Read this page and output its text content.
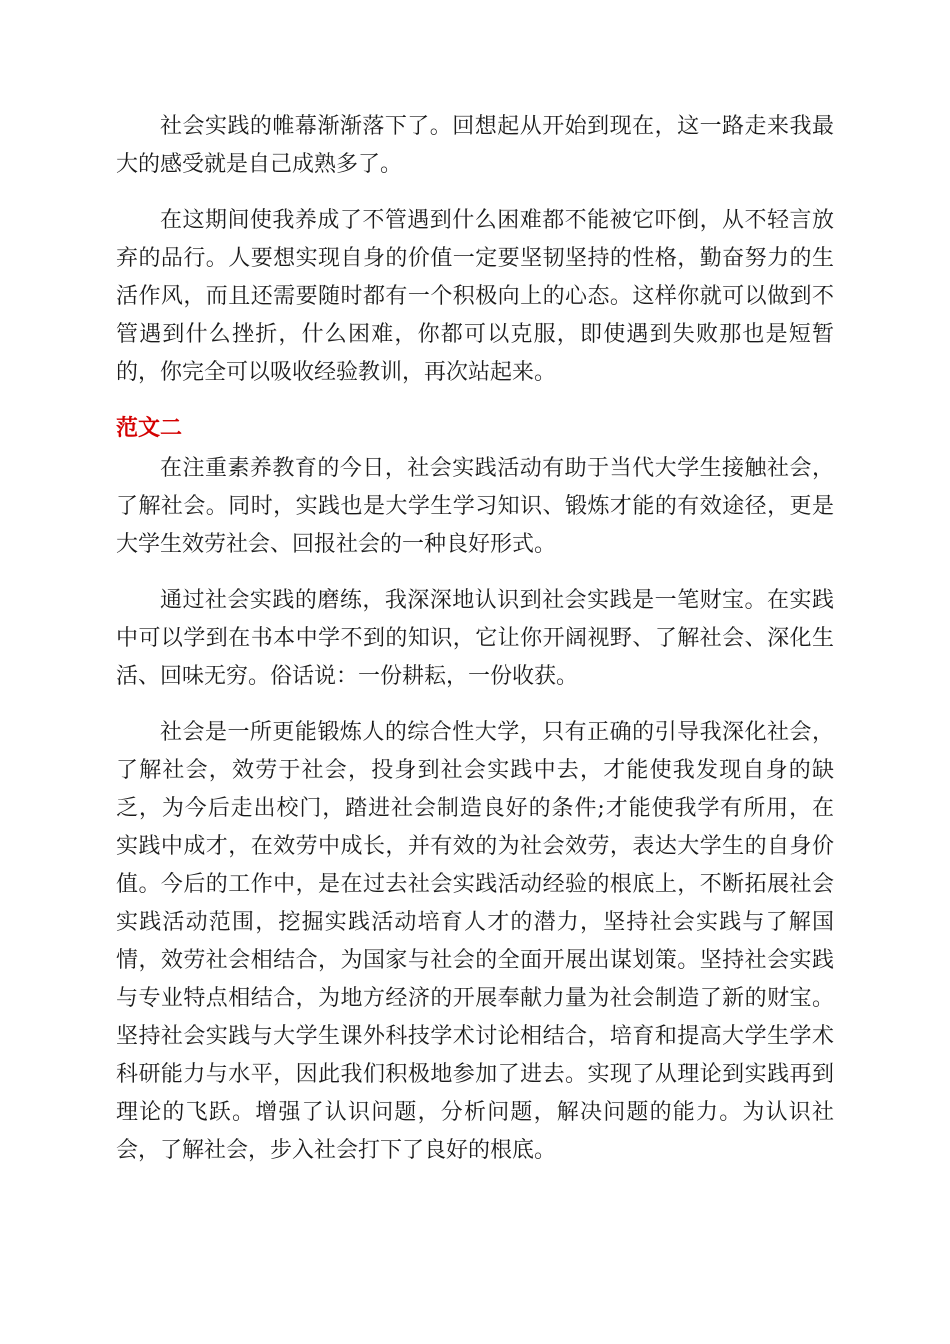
社会实践的帷幕渐渐落下了。回想起从开始到现在，这一路走来我最
大的感受就是自己成熟多了。
在这期间使我养成了不管遇到什么困难都不能被它吓倒，从不轻言放
弃的品行。人要想实现自身的价值一定要坚韧坚持的性格，勤奋努力的生
活作风，而且还需要随时都有一个积极向上的心态。这样你就可以做到不
管遇到什么挫折，什么困难，你都可以克服，即使遇到失败那也是短暂
的，你完全可以吸收经验教训，再次站起来。
范文二
在注重素养教育的今日，社会实践活动有助于当代大学生接触社会，
了解社会。同时，实践也是大学生学习知识、锻炼才能的有效途径，更是
大学生效劳社会、回报社会的一种良好形式。
通过社会实践的磨练，我深深地认识到社会实践是一笔财宝。在实践
中可以学到在书本中学不到的知识，它让你开阔视野、了解社会、深化生
活、回味无穷。俗话说：一份耕耘，一份收获。
社会是一所更能锻炼人的综合性大学，只有正确的引导我深化社会，
了解社会，效劳于社会，投身到社会实践中去，才能使我发现自身的缺
乏，为今后走出校门，踏进社会制造良好的条件;才能使我学有所用，在
实践中成才，在效劳中成长，并有效的为社会效劳，表达大学生的自身价
值。今后的工作中，是在过去社会实践活动经验的根底上，不断拓展社会
实践活动范围，挖掘实践活动培育人才的潜力，坚持社会实践与了解国
情，效劳社会相结合，为国家与社会的全面开展出谋划策。坚持社会实践
与专业特点相结合，为地方经济的开展奉献力量为社会制造了新的财宝。
坚持社会实践与大学生课外科技学术讨论相结合，培育和提高大学生学术
科研能力与水平，因此我们积极地参加了进去。实现了从理论到实践再到
理论的飞跃。增强了认识问题，分析问题，解决问题的能力。为认识社
会，了解社会，步入社会打下了良好的根底。
